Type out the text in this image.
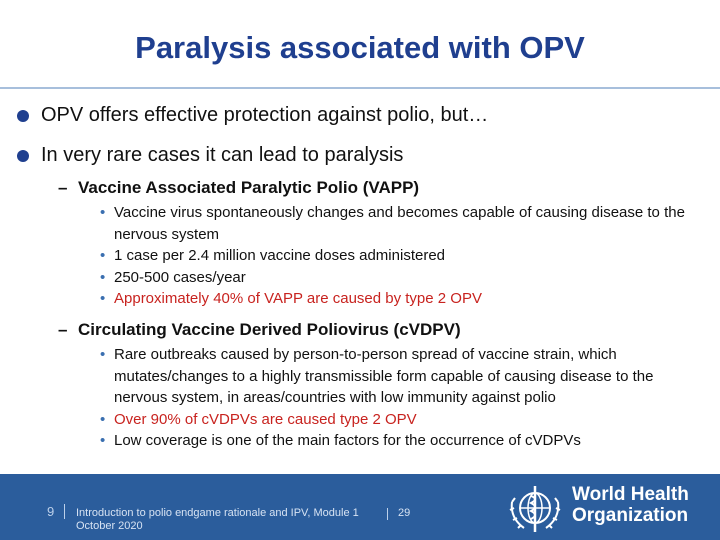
Paralysis associated with OPV
OPV offers effective protection against polio, but…
In very rare cases it can lead to paralysis
– Vaccine Associated Paralytic Polio (VAPP)
• Vaccine virus spontaneously changes and becomes capable of causing disease to the nervous system
• 1 case per 2.4 million vaccine doses administered
• 250-500 cases/year
• Approximately 40% of VAPP are caused by type 2 OPV
– Circulating Vaccine Derived Poliovirus (cVDPV)
• Rare outbreaks caused by person-to-person spread of vaccine strain, which mutates/changes to a highly transmissible form capable of causing disease to the nervous system, in areas/countries with low immunity against polio
• Over 90% of cVDPVs are caused type 2 OPV
• Low coverage is one of the main factors for the occurrence of cVDPVs
9 Introduction to polio endgame rationale and IPV, Module 1
October 2020
29
World Health
Organization
